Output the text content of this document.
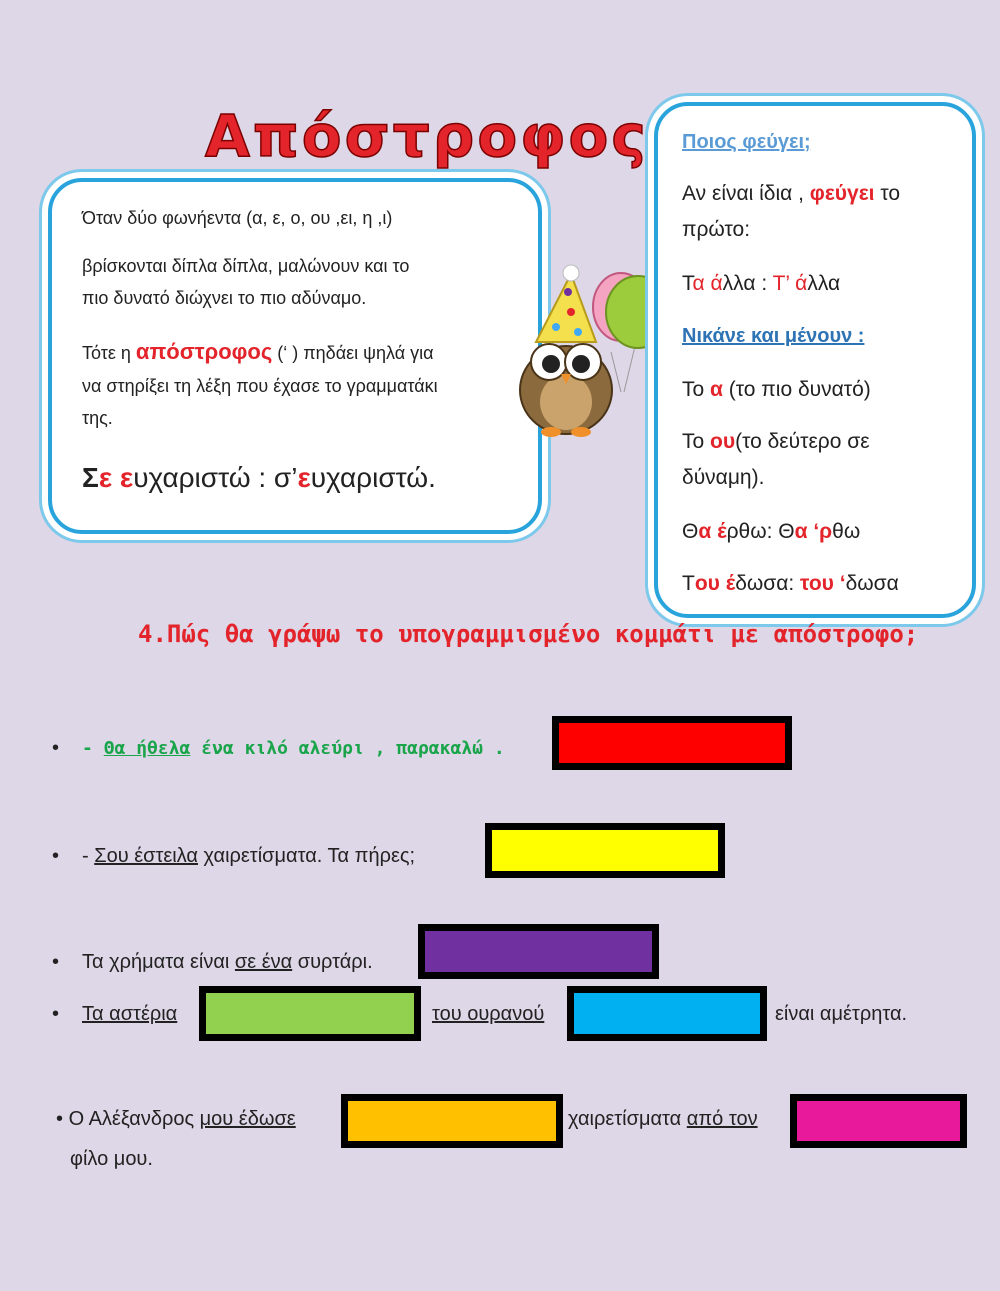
Απόστροφος
Όταν δύο φωνήεντα (α, ε, ο, ου ,ει, η ,ι)
βρίσκονται δίπλα δίπλα, μαλώνουν και το
πιο δυνατό διώχνει το πιο αδύναμο.
Τότε η απόστροφος (‘ ) πηδάει ψηλά για
να στηρίξει τη λέξη που έχασε το γραμματάκι
της.
Σε ευχαριστώ : σ’ευχαριστώ.
Ποιος φεύγει;
Αν είναι ίδια , φεύγει το
πρώτο:
Τα άλλα : Τ’ άλλα
Νικάνε και μένουν :
Το α (το πιο δυνατό)
Το ου(το δεύτερο σε
δύναμη).
Θα έρθω: Θα ‘ρθω
Του έδωσα: του ‘δωσα
4.Πώς θα γράψω το υπογραμμισμένο κομμάτι με απόστροφο;
• - Θα ήθελα ένα κιλό αλεύρι , παρακαλώ .
• - Σου έστειλα χαιρετίσματα. Τα πήρες;
• Τα χρήματα είναι σε ένα συρτάρι.
• Τα αστέρια	του ουρανού	είναι αμέτρητα.
• Ο Αλέξανδρος μου έδωσε	χαιρετίσματα από τον
φίλο μου.
